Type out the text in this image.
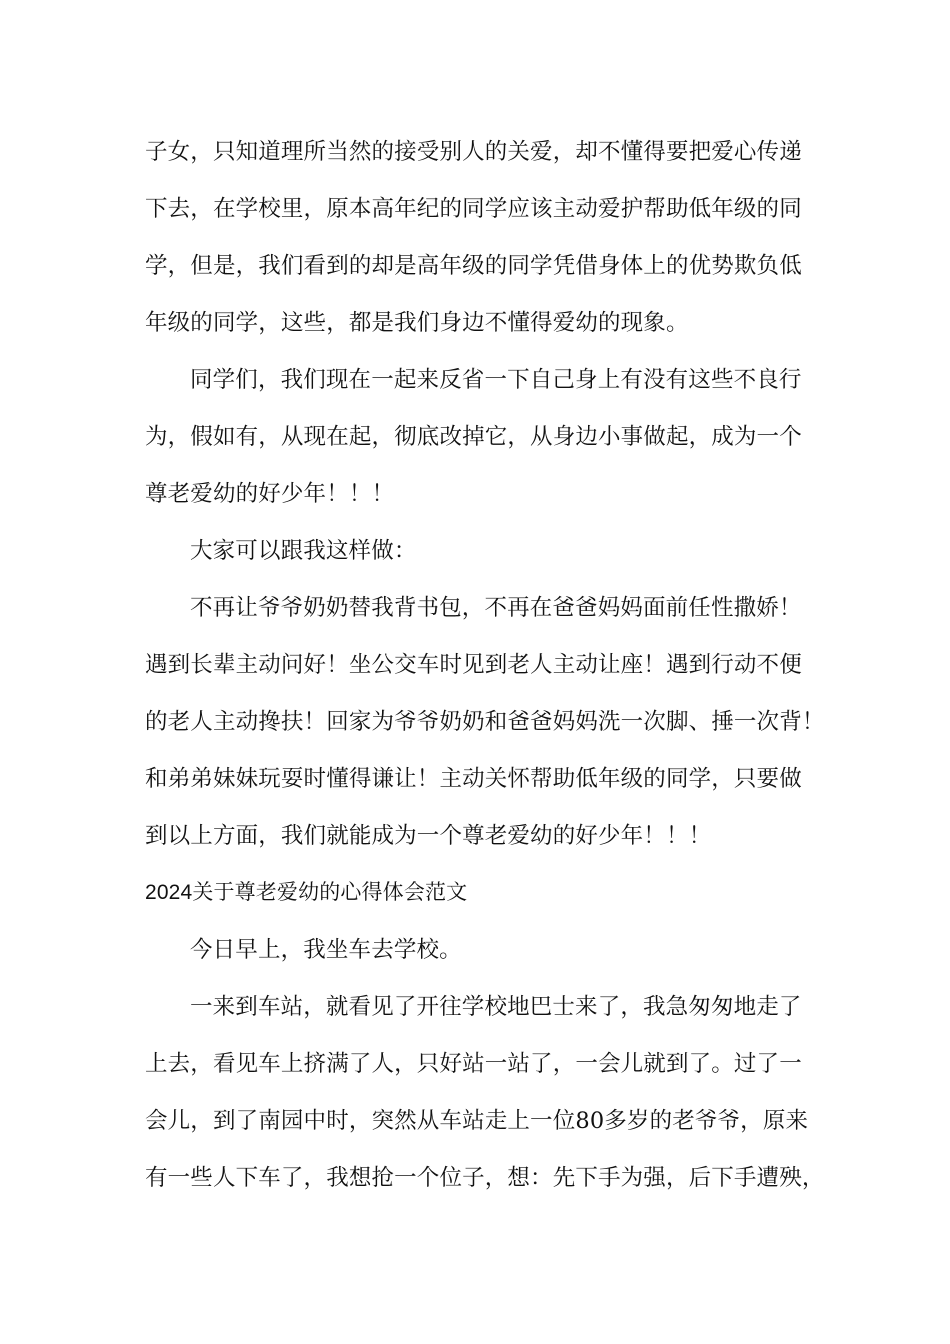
子女，只知道理所当然的接受别人的关爱，却不懂得要把爱心传递
下去，在学校里，原本高年纪的同学应该主动爱护帮助低年级的同
学，但是，我们看到的却是高年级的同学凭借身体上的优势欺负低
年级的同学，这些，都是我们身边不懂得爱幼的现象。
同学们，我们现在一起来反省一下自己身上有没有这些不良行
为，假如有，从现在起，彻底改掉它，从身边小事做起，成为一个
尊老爱幼的好少年！！！
大家可以跟我这样做：
不再让爷爷奶奶替我背书包，不再在爸爸妈妈面前任性撒娇！
遇到长辈主动问好！坐公交车时见到老人主动让座！遇到行动不便
的老人主动搀扶！回家为爷爷奶奶和爸爸妈妈洗一次脚、捶一次背！
和弟弟妹妹玩耍时懂得谦让！主动关怀帮助低年级的同学，只要做
到以上方面，我们就能成为一个尊老爱幼的好少年！！！
2024关于尊老爱幼的心得体会范文
今日早上，我坐车去学校。
一来到车站，就看见了开往学校地巴士来了，我急匆匆地走了
上去，看见车上挤满了人，只好站一站了，一会儿就到了。过了一
会儿，到了南园中时，突然从车站走上一位80多岁的老爷爷，原来
有一些人下车了，我想抢一个位子，想：先下手为强，后下手遭殃，
